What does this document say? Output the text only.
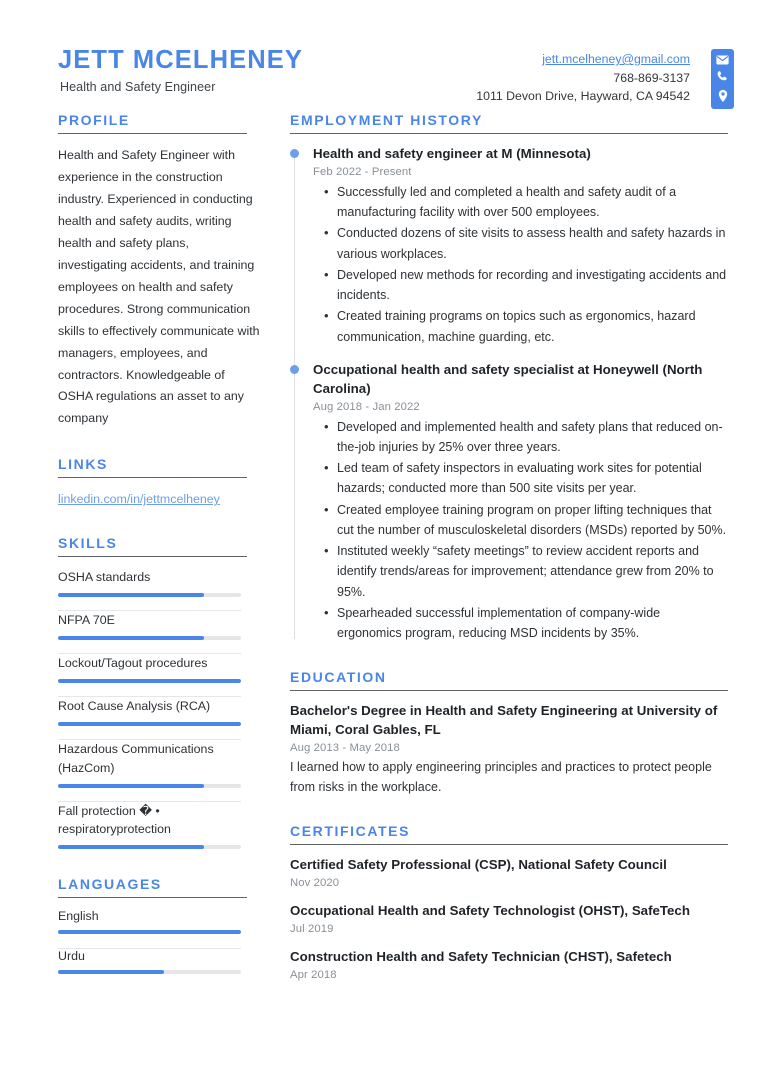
JETT MCELHENEY
Health and Safety Engineer
jett.mcelheney@gmail.com
768-869-3137
1011 Devon Drive, Hayward, CA 94542
PROFILE
Health and Safety Engineer with experience in the construction industry. Experienced in conducting health and safety audits, writing health and safety plans, investigating accidents, and training employees on health and safety procedures. Strong communication skills to effectively communicate with managers, employees, and contractors. Knowledgeable of OSHA regulations an asset to any company
LINKS
linkedin.com/in/jettmcelheney
SKILLS
OSHA standards
NFPA 70E
Lockout/Tagout procedures
Root Cause Analysis (RCA)
Hazardous Communications (HazCom)
Fall protection � • respiratoryprotection
LANGUAGES
English
Urdu
EMPLOYMENT HISTORY
Health and safety engineer at M (Minnesota)
Feb 2022 - Present
• Successfully led and completed a health and safety audit of a manufacturing facility with over 500 employees.
• Conducted dozens of site visits to assess health and safety hazards in various workplaces.
• Developed new methods for recording and investigating accidents and incidents.
• Created training programs on topics such as ergonomics, hazard communication, machine guarding, etc.
Occupational health and safety specialist at Honeywell (North Carolina)
Aug 2018 - Jan 2022
• Developed and implemented health and safety plans that reduced on-the-job injuries by 25% over three years.
• Led team of safety inspectors in evaluating work sites for potential hazards; conducted more than 500 site visits per year.
• Created employee training program on proper lifting techniques that cut the number of musculoskeletal disorders (MSDs) reported by 50%.
• Instituted weekly “safety meetings” to review accident reports and identify trends/areas for improvement; attendance grew from 20% to 95%.
• Spearheaded successful implementation of company-wide ergonomics program, reducing MSD incidents by 35%.
EDUCATION
Bachelor's Degree in Health and Safety Engineering at University of Miami, Coral Gables, FL
Aug 2013 - May 2018
I learned how to apply engineering principles and practices to protect people from risks in the workplace.
CERTIFICATES
Certified Safety Professional (CSP), National Safety Council
Nov 2020
Occupational Health and Safety Technologist (OHST), SafeTech
Jul 2019
Construction Health and Safety Technician (CHST), Safetech
Apr 2018
